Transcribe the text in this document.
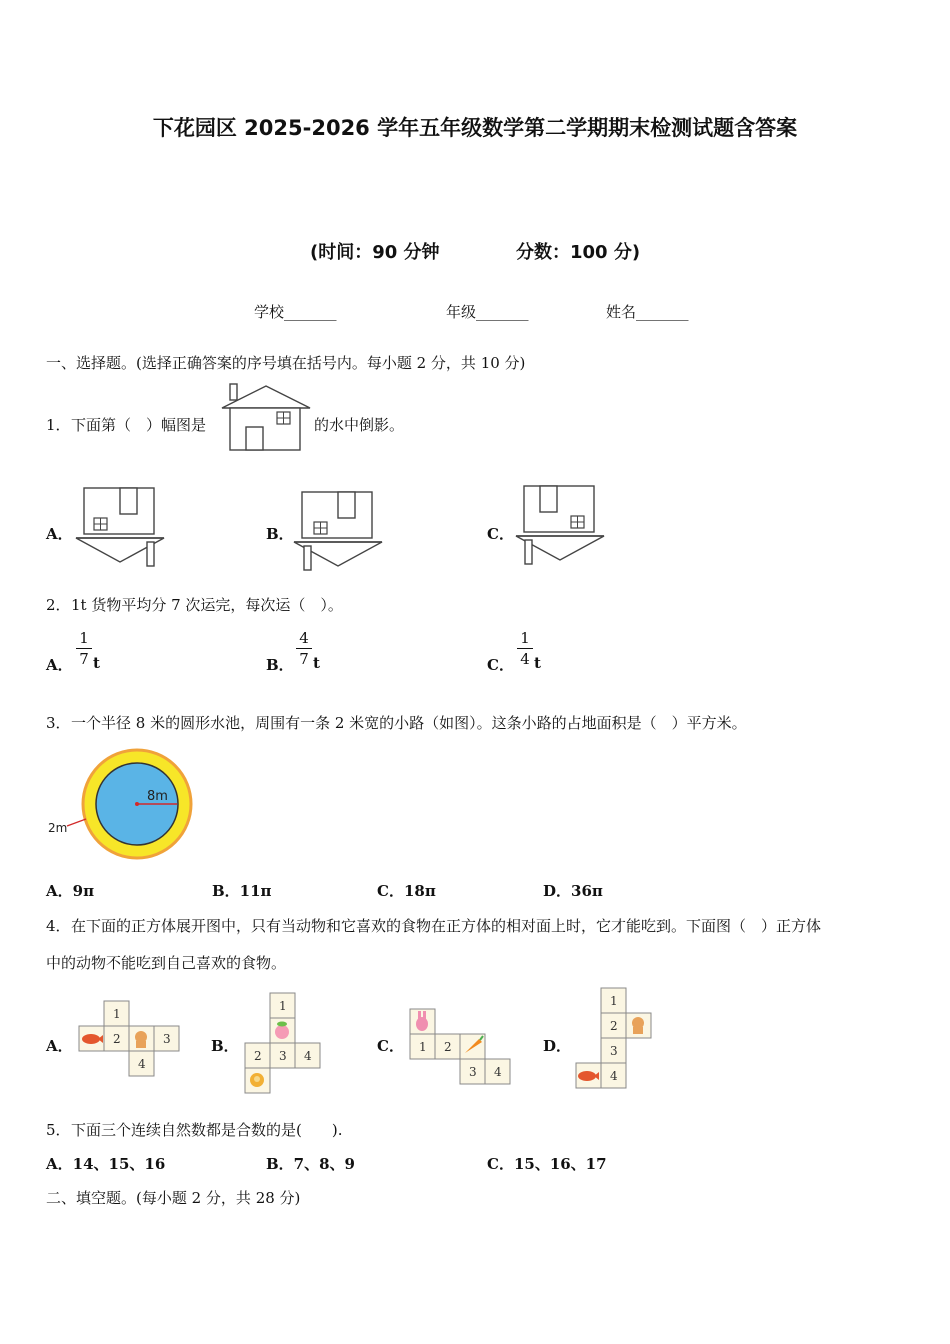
下花园区 2025-2026 学年五年级数学第二学期期末检测试题含答案
(时间：90 分钟	分数：100 分)
学校_______	年级_______	姓名_______
一、选择题。(选择正确答案的序号填在括号内。每小题 2 分，共 10 分)
1． 下面第（　）幅图是	的水中倒影。
A．	B．	C．
2． 1t 货物平均分 7 次运完，每次运（　）。
A． $\frac{1}{7}$ t	B． $\frac{4}{7}$ t	C． $\frac{1}{4}$ t
3． 一个半径 8 米的圆形水池，周围有一条 2 米宽的小路（如图）。这条小路的占地面积是（　）平方米。
8m
2m
A．9π	B．11π	C．18π	D．36π
4． 在下面的正方体展开图中，只有当动物和它喜欢的食物在正方体的相对面上时，它才能吃到。下面图（　）正方体
中的动物不能吃到自己喜欢的食物。
A．
1
2	3
4
B．
1
2 3 4
C． 1 2
3 4
D．
1
2
3
4
5． 下面三个连续自然数都是合数的是(　　).
A．14、15、16	B．7、8、9	C．15、16、17
二、填空题。(每小题 2 分，共 28 分)
